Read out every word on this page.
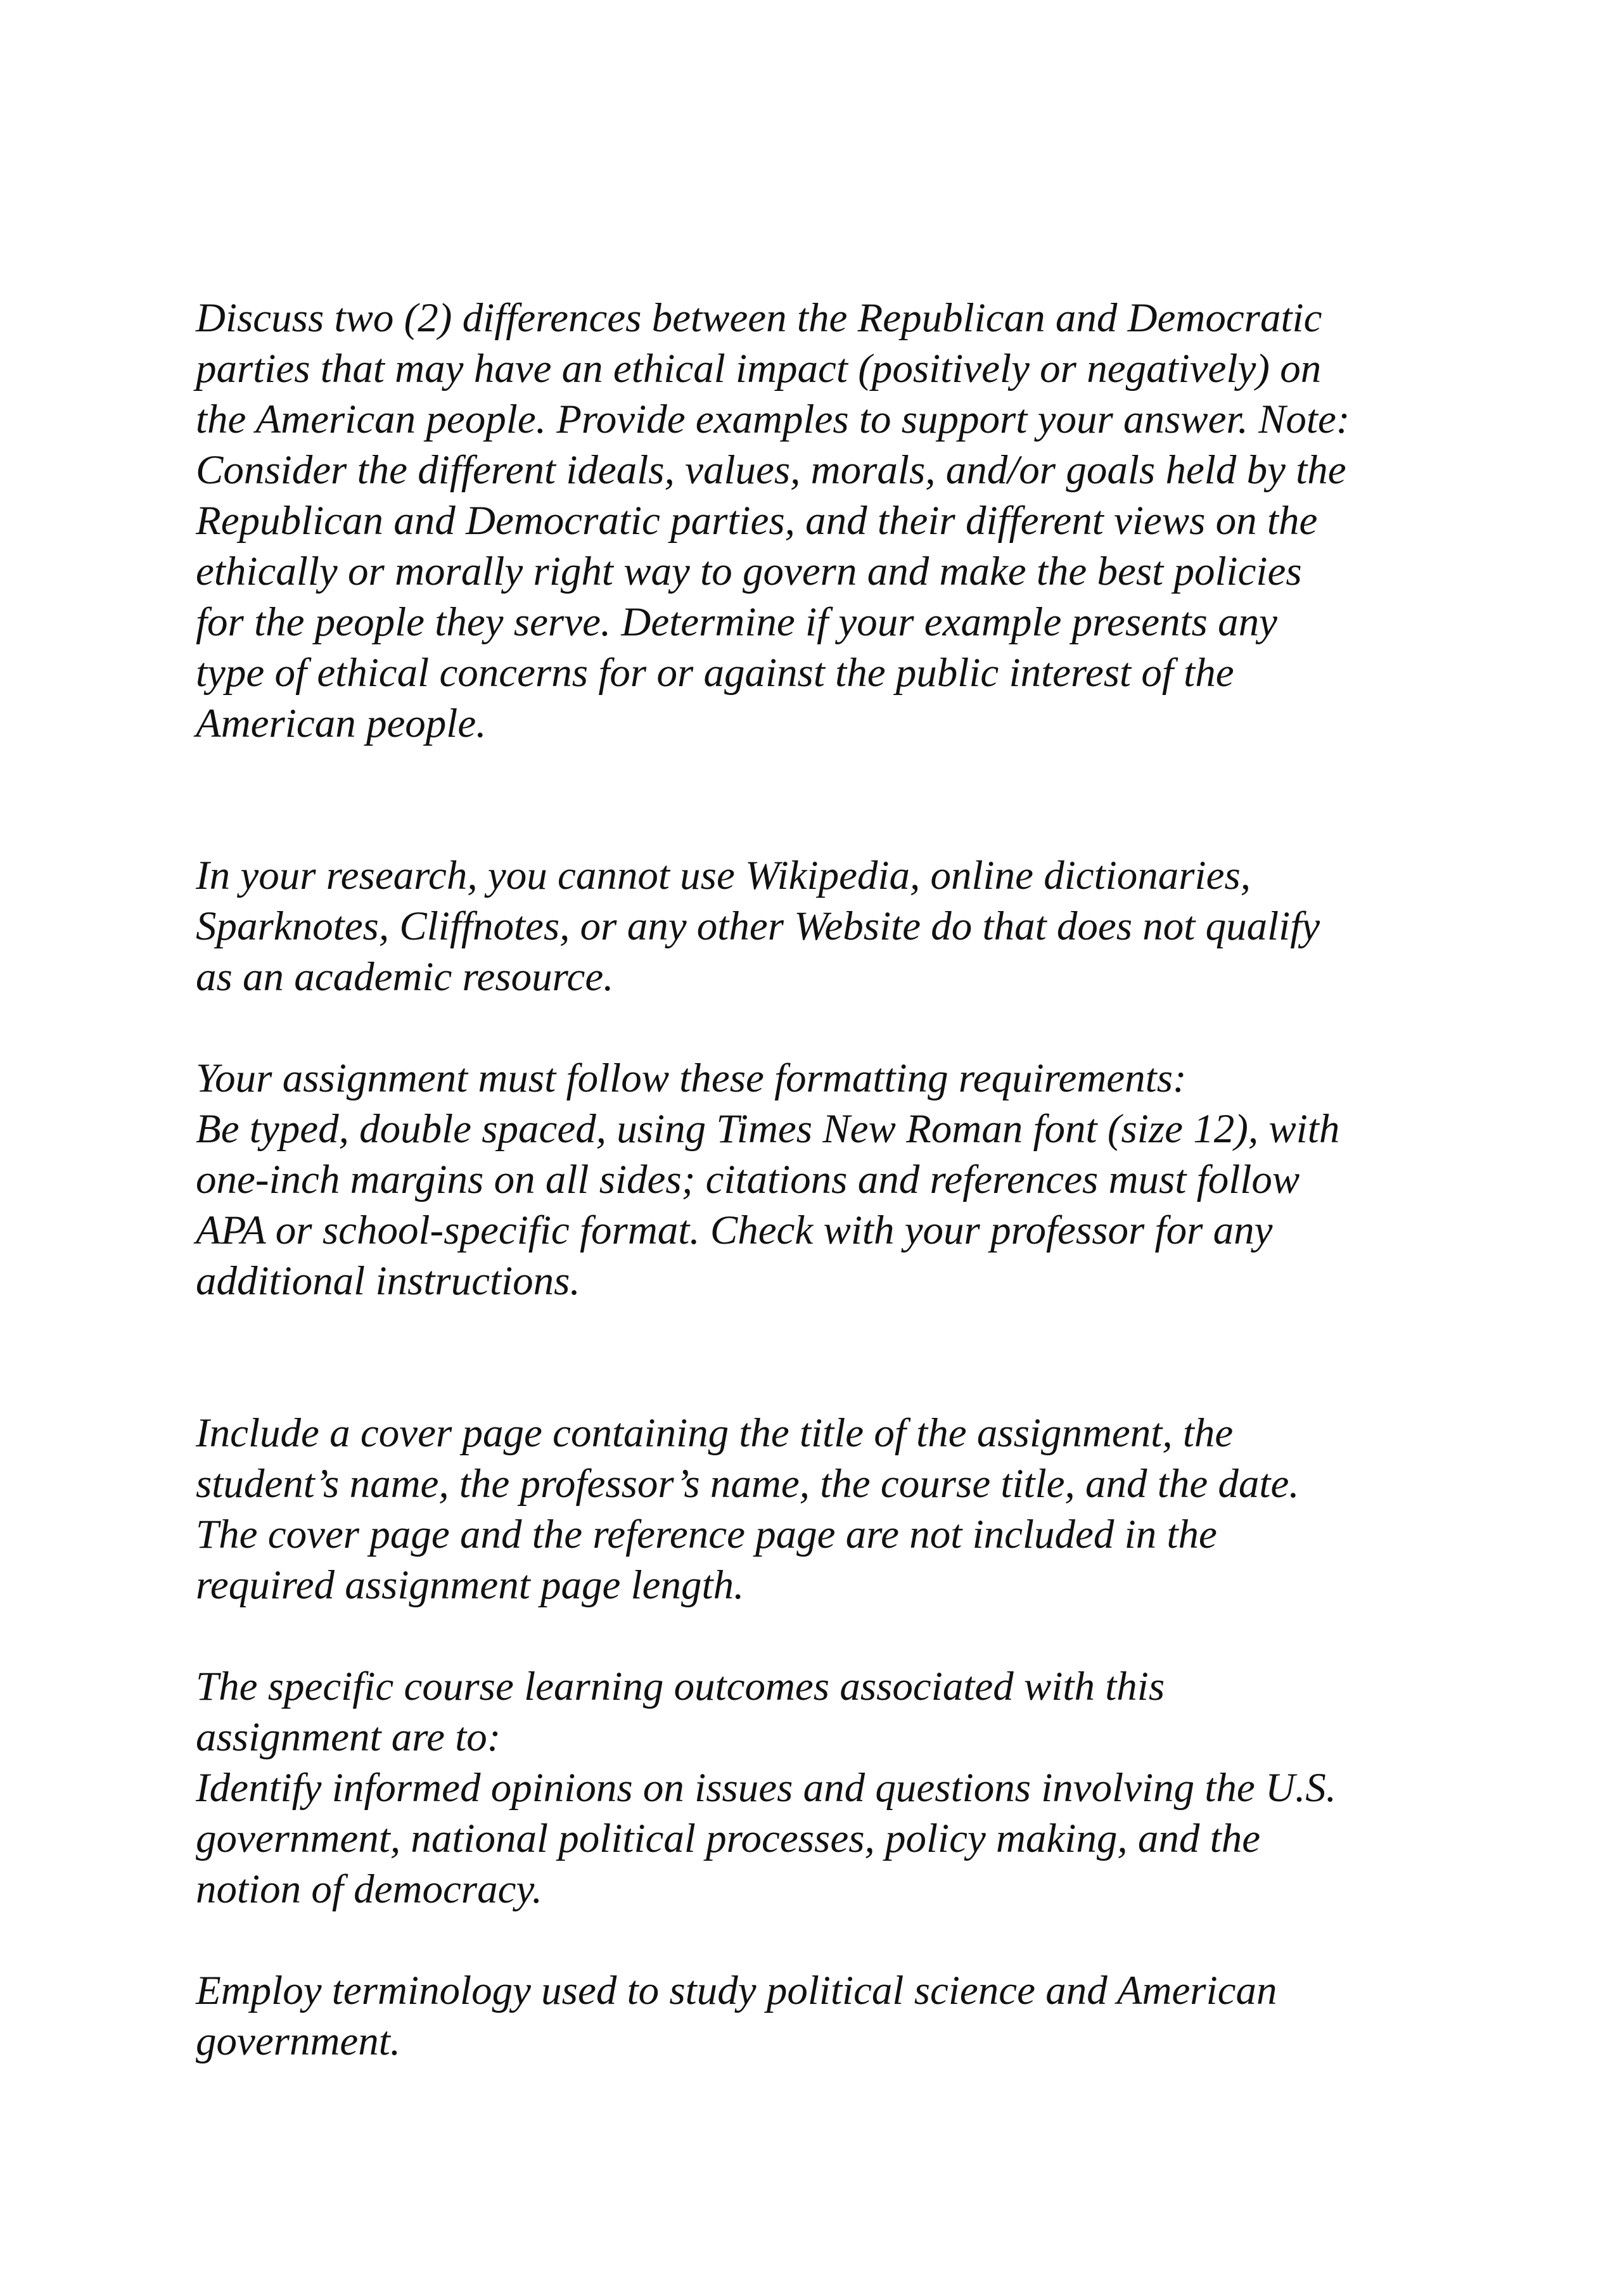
Discuss two (2) differences between the Republican and Democratic
parties that may have an ethical impact (positively or negatively) on
the American people. Provide examples to support your answer. Note:
Consider the different ideals, values, morals, and/or goals held by the
Republican and Democratic parties, and their different views on the
ethically or morally right way to govern and make the best policies
for the people they serve. Determine if your example presents any
type of ethical concerns for or against the public interest of the
American people.
In your research, you cannot use Wikipedia, online dictionaries,
Sparknotes, Cliffnotes, or any other Website do that does not qualify
as an academic resource.
Your assignment must follow these formatting requirements:
Be typed, double spaced, using Times New Roman font (size 12), with
one-inch margins on all sides; citations and references must follow
APA or school-specific format. Check with your professor for any
additional instructions.
Include a cover page containing the title of the assignment, the
student’s name, the professor’s name, the course title, and the date.
The cover page and the reference page are not included in the
required assignment page length.
The specific course learning outcomes associated with this
assignment are to:
Identify informed opinions on issues and questions involving the U.S.
government, national political processes, policy making, and the
notion of democracy.
Employ terminology used to study political science and American
government.
